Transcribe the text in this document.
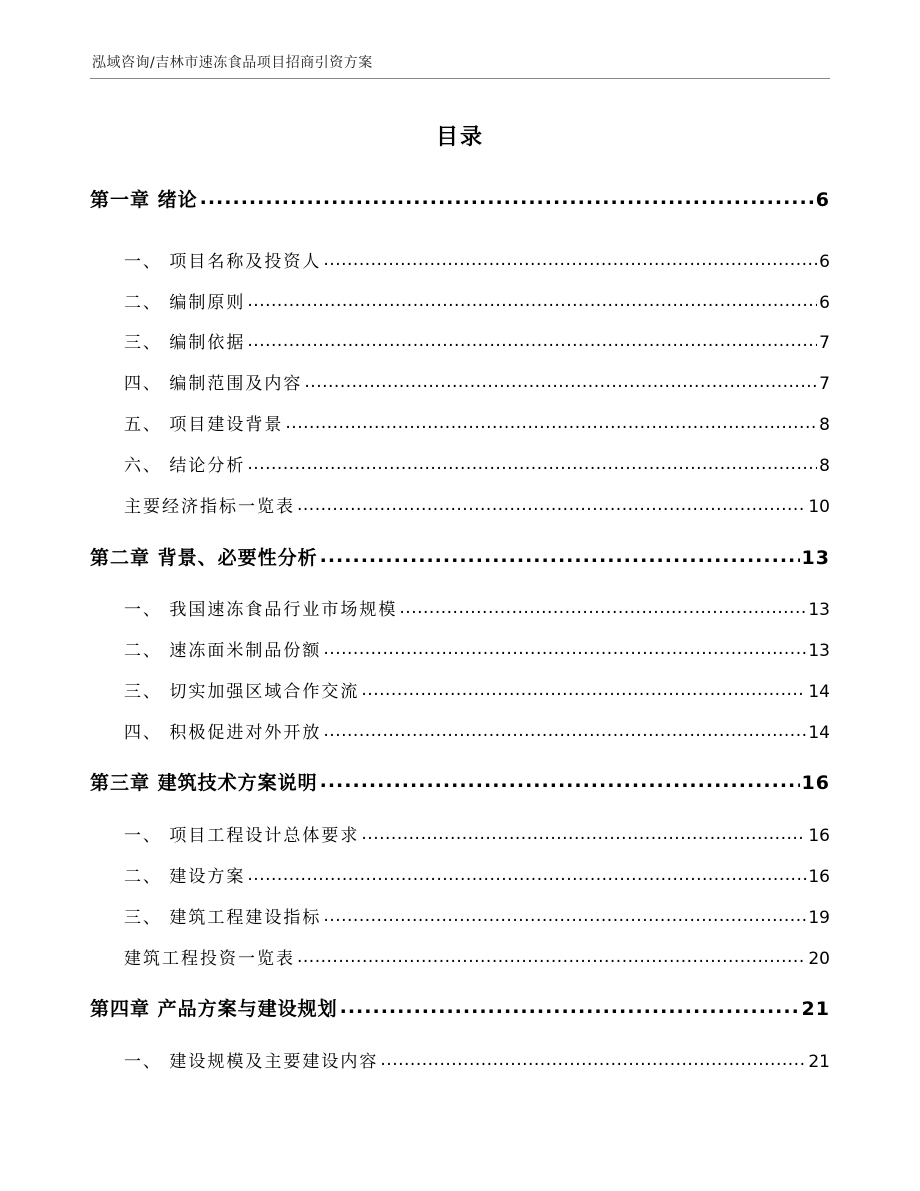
泓域咨询/吉林市速冻食品项目招商引资方案
目录
第一章 绪论 .....	6
一、 项目名称及投资人 .....	6
二、 编制原则 .....	6
三、 编制依据 .....	7
四、 编制范围及内容 .....	7
五、 项目建设背景 .....	8
六、 结论分析 .....	8
主要经济指标一览表 .....	10
第二章 背景、必要性分析 .....	13
一、 我国速冻食品行业市场规模 .....	13
二、 速冻面米制品份额 .....	13
三、 切实加强区域合作交流 .....	14
四、 积极促进对外开放 .....	14
第三章 建筑技术方案说明 .....	16
一、 项目工程设计总体要求 .....	16
二、 建设方案 .....	16
三、 建筑工程建设指标 .....	19
建筑工程投资一览表 .....	20
第四章 产品方案与建设规划 .....	21
一、 建设规模及主要建设内容 .....	21
